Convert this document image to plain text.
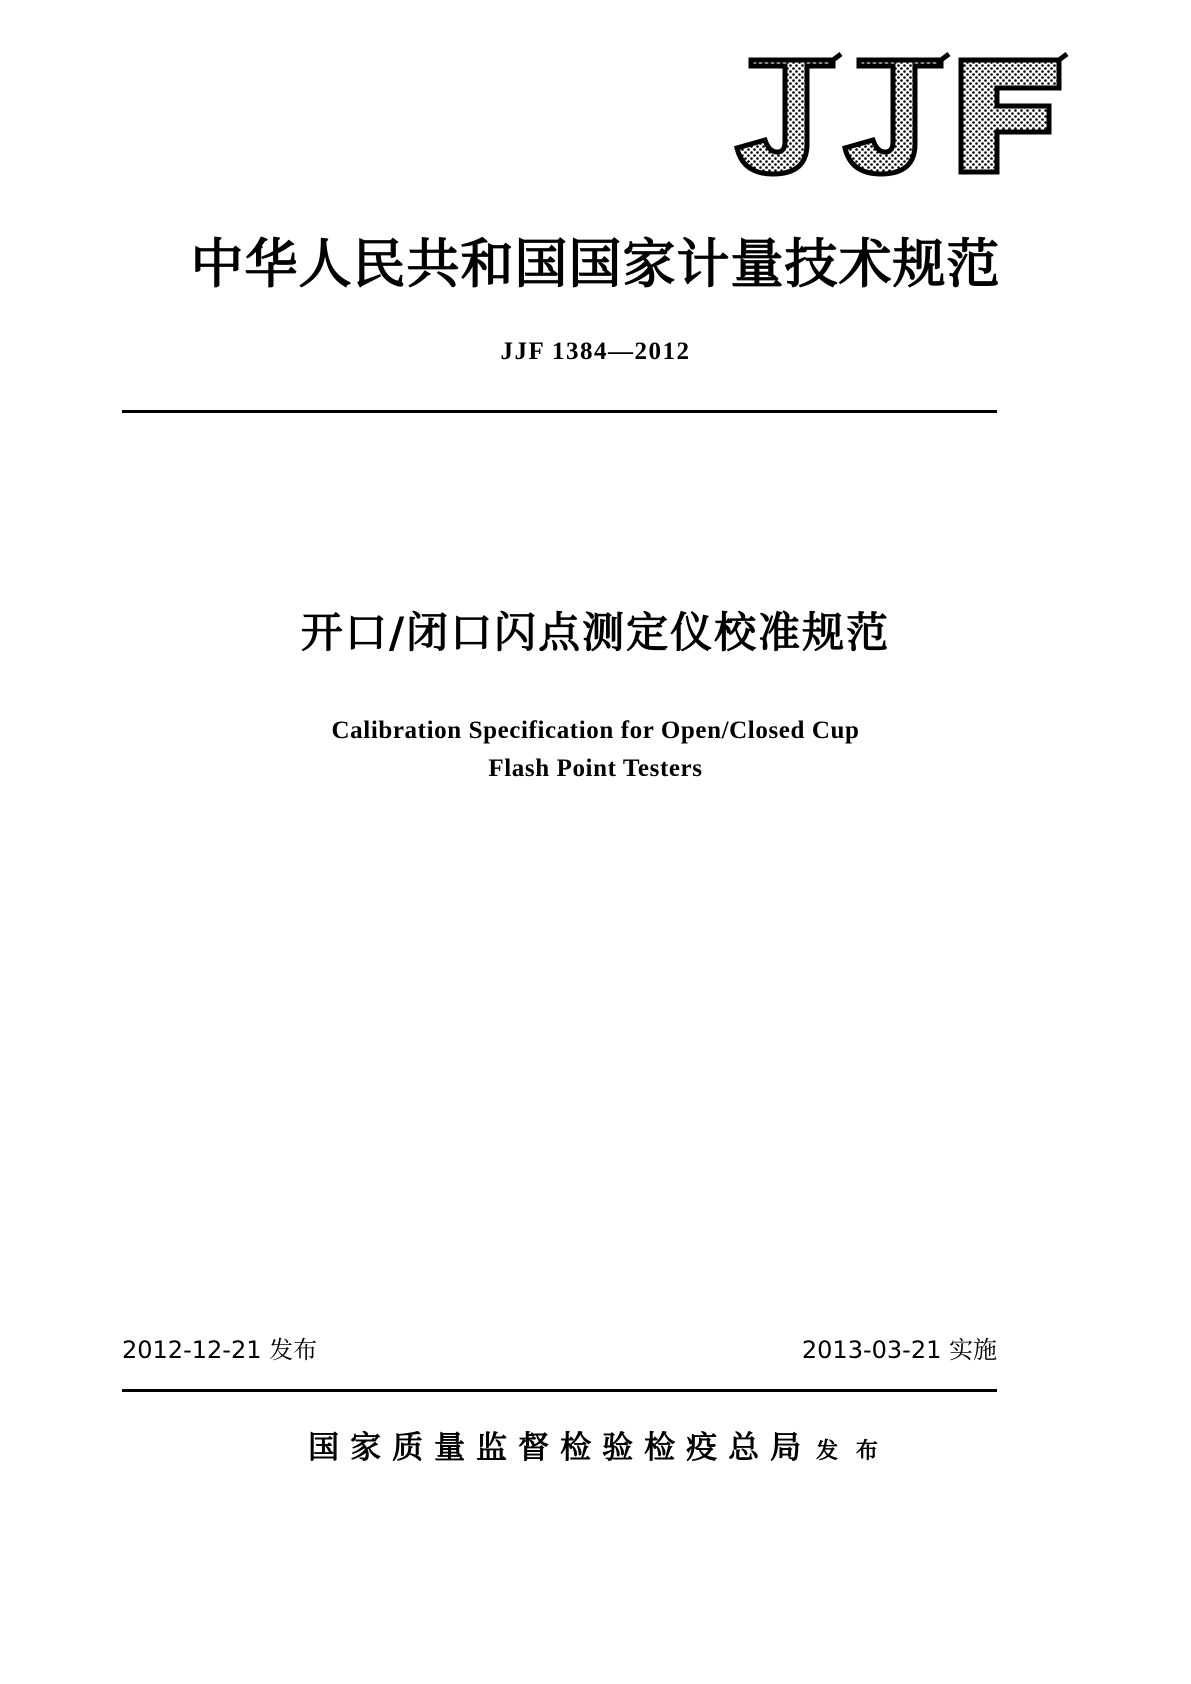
中华人民共和国国家计量技术规范
JJF 1384—2012
开口/闭口闪点测定仪校准规范
Calibration Specification for Open/Closed Cup
Flash Point Testers
2012-12-21 发布	2013-03-21 实施
国家质量监督检验检疫总局 发 布
